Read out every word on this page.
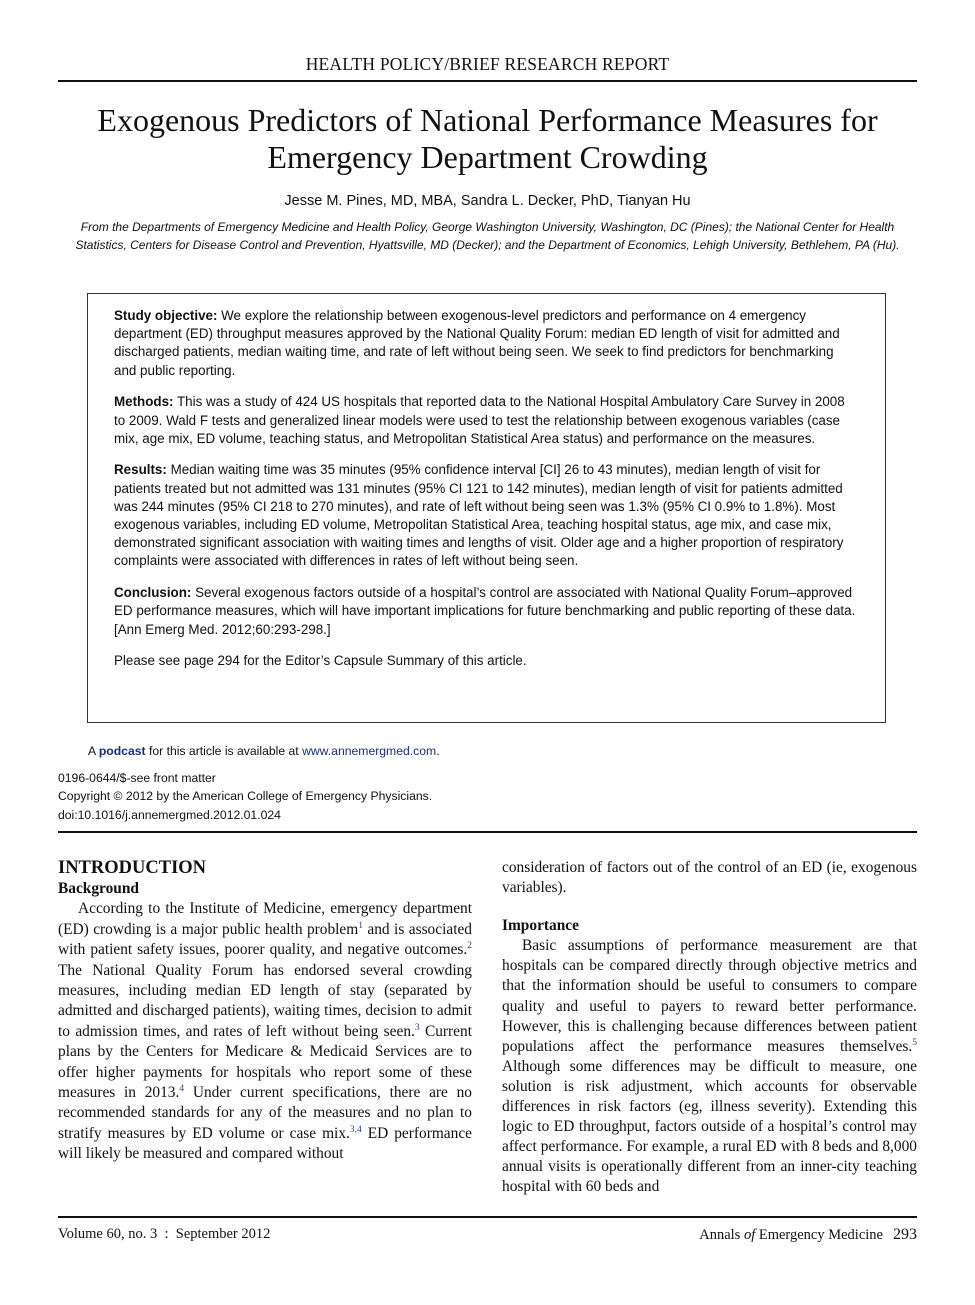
HEALTH POLICY/BRIEF RESEARCH REPORT
Exogenous Predictors of National Performance Measures for
Emergency Department Crowding
Jesse M. Pines, MD, MBA, Sandra L. Decker, PhD, Tianyan Hu
From the Departments of Emergency Medicine and Health Policy, George Washington University, Washington, DC (Pines); the National Center for Health Statistics, Centers for Disease Control and Prevention, Hyattsville, MD (Decker); and the Department of Economics, Lehigh University, Bethlehem, PA (Hu).

Study objective: We explore the relationship between exogenous-level predictors and performance on 4 emergency department (ED) throughput measures approved by the National Quality Forum: median ED length of visit for admitted and discharged patients, median waiting time, and rate of left without being seen. We seek to find predictors for benchmarking and public reporting.

Methods: This was a study of 424 US hospitals that reported data to the National Hospital Ambulatory Care Survey in 2008 to 2009. Wald F tests and generalized linear models were used to test the relationship between exogenous variables (case mix, age mix, ED volume, teaching status, and Metropolitan Statistical Area status) and performance on the measures.

Results: Median waiting time was 35 minutes (95% confidence interval [CI] 26 to 43 minutes), median length of visit for patients treated but not admitted was 131 minutes (95% CI 121 to 142 minutes), median length of visit for patients admitted was 244 minutes (95% CI 218 to 270 minutes), and rate of left without being seen was 1.3% (95% CI 0.9% to 1.8%). Most exogenous variables, including ED volume, Metropolitan Statistical Area, teaching hospital status, age mix, and case mix, demonstrated significant association with waiting times and lengths of visit. Older age and a higher proportion of respiratory complaints were associated with differences in rates of left without being seen.

Conclusion: Several exogenous factors outside of a hospital’s control are associated with National Quality Forum–approved ED performance measures, which will have important implications for future benchmarking and public reporting of these data. [Ann Emerg Med. 2012;60:293-298.]

Please see page 294 for the Editor’s Capsule Summary of this article.

A podcast for this article is available at www.annemergmed.com.
0196-0644/$-see front matter
Copyright © 2012 by the American College of Emergency Physicians.
doi:10.1016/j.annemergmed.2012.01.024
INTRODUCTION
Background

According to the Institute of Medicine, emergency department (ED) crowding is a major public health problem$^1$ and is associated with patient safety issues, poorer quality, and negative outcomes.$^2$ The National Quality Forum has endorsed several crowding measures, including median ED length of stay (separated by admitted and discharged patients), waiting times, decision to admit to admission times, and rates of left without being seen.$^3$ Current plans by the Centers for Medicare & Medicaid Services are to offer higher payments for hospitals who report some of these measures in 2013.$^4$ Under current specifications, there are no recommended standards for any of the measures and no plan to stratify measures by ED volume or case mix.$^{3,4}$ ED performance will likely be measured and compared without

consideration of factors out of the control of an ED (ie, exogenous variables).

Importance

Basic assumptions of performance measurement are that hospitals can be compared directly through objective metrics and that the information should be useful to consumers to compare quality and useful to payers to reward better performance. However, this is challenging because differences between patient populations affect the performance measures themselves.$^5$ Although some differences may be difficult to measure, one solution is risk adjustment, which accounts for observable differences in risk factors (eg, illness severity). Extending this logic to ED throughput, factors outside of a hospital’s control may affect performance. For example, a rural ED with 8 beds and 8,000 annual visits is operationally different from an inner-city teaching hospital with 60 beds and

Volume 60, no. 3  :  September 2012	Annals of Emergency Medicine 293
